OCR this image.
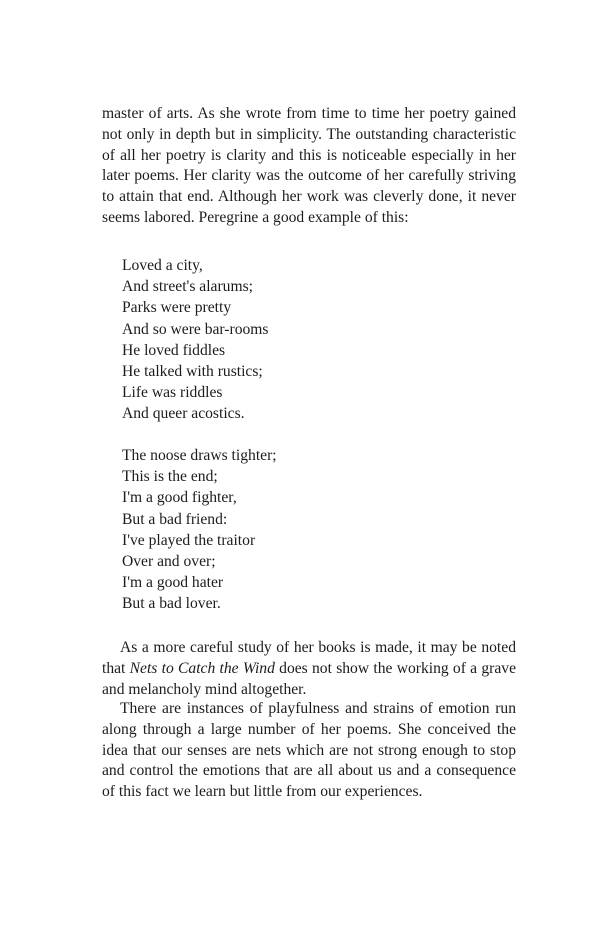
master of arts. As she wrote from time to time her poetry gained
not only in depth but in simplicity. The outstanding characteristic
of all her poetry is clarity and this is noticeable especially in her
later poems. Her clarity was the outcome of her carefully striving
to attain that end. Although her work was cleverly done, it never
seems labored. Peregrine a good example of this:
Loved a city,
And street's alarums;
Parks were pretty
And so were bar-rooms
He loved fiddles
He talked with rustics;
Life was riddles
And queer acostics.
The noose draws tighter;
This is the end;
I'm a good fighter,
But a bad friend:
I've played the traitor
Over and over;
I'm a good hater
But a bad lover.
As a more careful study of her books is made, it may be noted
that Nets to Catch the Wind does not show the working of a grave
and melancholy mind altogether.
There are instances of playfulness and strains of emotion run
along through a large number of her poems. She conceived the
idea that our senses are nets which are not strong enough to stop
and control the emotions that are all about us and a consequence
of this fact we learn but little from our experiences.
